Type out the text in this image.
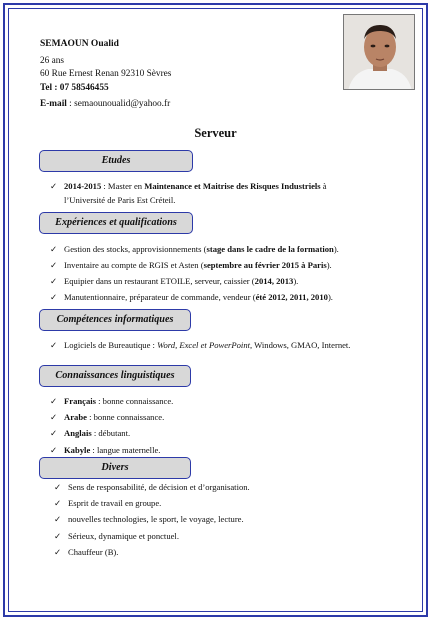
SEMAOUN Oualid
26 ans
60 Rue Ernest Renan 92310 Sèvres
Tel : 07 58546455
E-mail : semaounoualid@yahoo.fr
Serveur
Etudes
✓ 2014-2015 : Master en Maintenance et Maitrise des Risques Industriels à
l’Université de Paris Est Créteil.
Expériences et qualifications
✓ Gestion des stocks, approvisionnements (stage dans le cadre de la formation).
✓ Inventaire au compte de RGIS et Asten (septembre au février 2015 à Paris).
✓ Equipier dans un restaurant ETOILE, serveur, caissier (2014, 2013).
✓ Manutentionnaire, préparateur de commande, vendeur (été 2012, 2011, 2010).
Compétences informatiques
✓ Logiciels de Bureautique : Word, Excel et PowerPoint, Windows, GMAO, Internet.
Connaissances linguistiques
✓ Français : bonne connaissance.
✓ Arabe : bonne connaissance.
✓ Anglais : débutant.
✓ Kabyle : langue maternelle.
Divers
✓ Sens de responsabilité, de décision et d’organisation.
✓ Esprit de travail en groupe.
✓ nouvelles technologies, le sport, le voyage, lecture.
✓ Sérieux, dynamique et ponctuel.
✓ Chauffeur (B).
